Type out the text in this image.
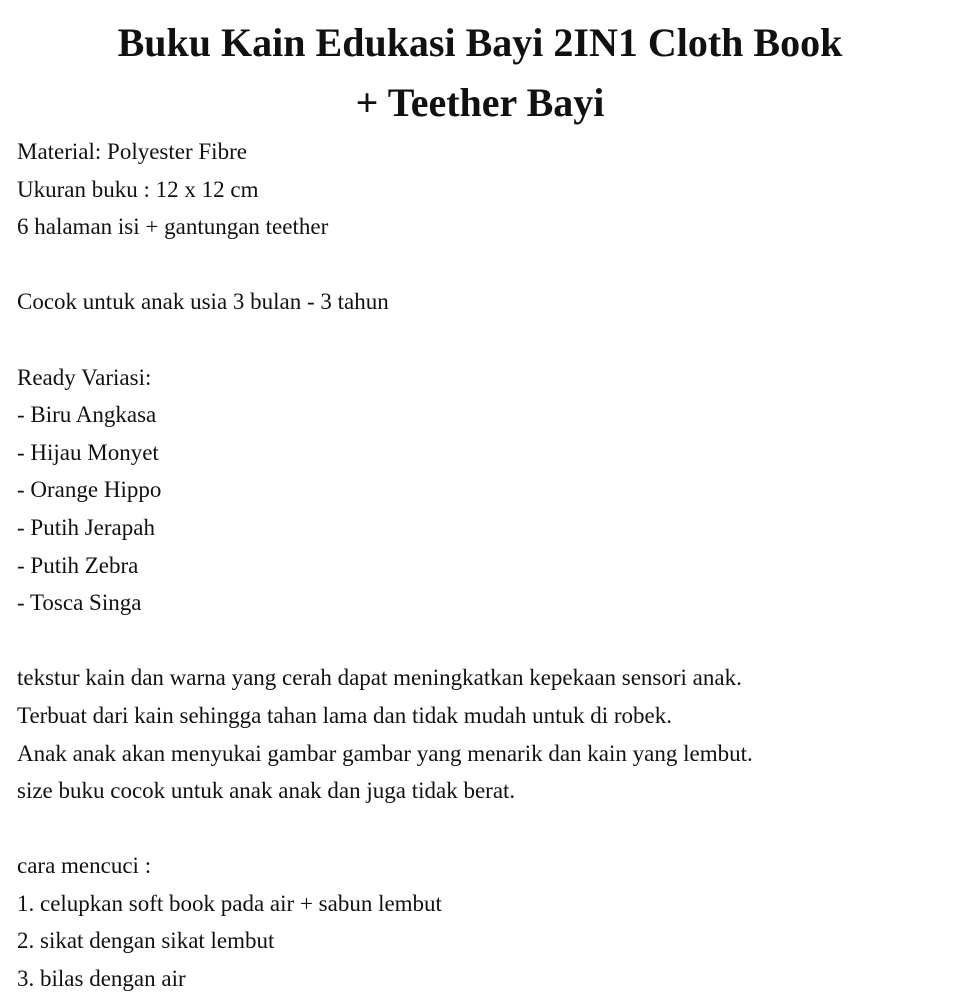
Buku Kain Edukasi Bayi 2IN1 Cloth Book
+ Teether Bayi
Material: Polyester Fibre
Ukuran buku : 12 x 12 cm
6 halaman isi + gantungan teether
Cocok untuk anak usia 3 bulan - 3 tahun
Ready Variasi:
- Biru Angkasa
- Hijau Monyet
- Orange Hippo
- Putih Jerapah
- Putih Zebra
- Tosca Singa
tekstur kain dan warna yang cerah dapat meningkatkan kepekaan sensori anak.
Terbuat dari kain sehingga tahan lama dan tidak mudah untuk di robek.
Anak anak akan menyukai gambar gambar yang menarik dan kain yang lembut.
size buku cocok untuk anak anak dan juga tidak berat.
cara mencuci :
1. celupkan soft book pada air + sabun lembut
2. sikat dengan sikat lembut
3. bilas dengan air
